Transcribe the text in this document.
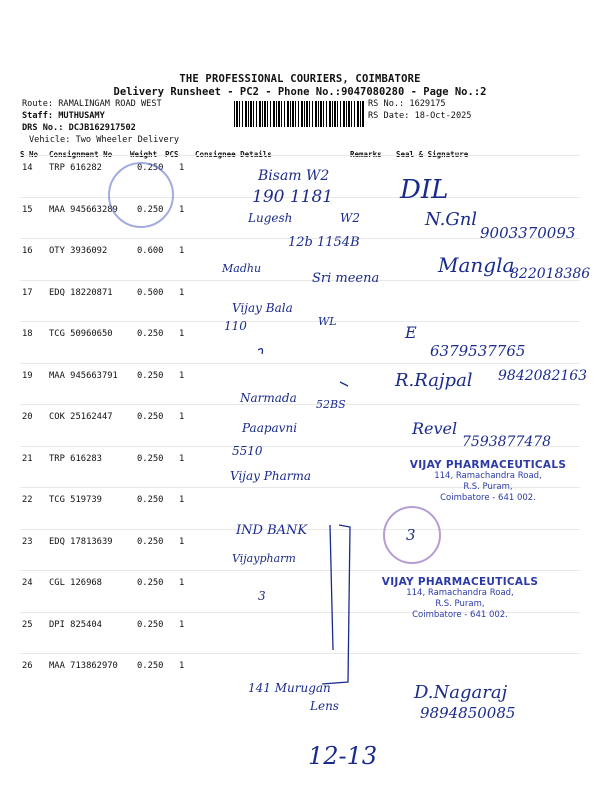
THE PROFESSIONAL COURIERS, COIMBATORE
Delivery Runsheet - PC2 - Phone No.:9047080280 - Page No.:2
Route: RAMALINGAM ROAD WEST
Staff: MUTHUSAMY
DRS No.: DCJB162917502
Vehicle: Two Wheeler Delivery
RS No.: 1629175
RS Date: 18-Oct-2025
S No Consignment No Weight PCS Consignee Details	Remarks Seal & Signature
14 TRP 616282	0.250 1
15 MAA 945663289 0.250 1
16 OTY 3936092	0.600 1
17 EDQ 18220871	0.500 1
18 TCG 50960650	0.250 1
19 MAA 945663791 0.250 1
20 COK 25162447	0.250 1
21 TRP 616283	0.250 1
22 TCG 519739	0.250 1
23 EDQ 17813639	0.250 1
24 CGL 126968	0.250 1
25 DPI 825404	0.250 1
26 MAA 713862970 0.250 1
VIJAY PHARMACEUTICALS
114, Ramachandra Road,
R.S. Puram,
Coimbatore - 641 002.
VIJAY PHARMACEUTICALS
114, Ramachandra Road,
R.S. Puram,
Coimbatore - 641 002.
Bisam W2
190 1181	DIL
Lugesh	W2
12b 1154B
N.Gnl
9003370093
Madhu
Sri meena
Mangla
822018386
Vijay Bala
110	WL
E
6379537765
R.Rajpal 9842082163
Narmada 52BS
Paapavni	Revel
7593877478
5510
Vijay Pharma
IND BANK
Vijaypharm
3
3
141 Murugan
Lens
D.Nagaraj
9894850085
12-13
